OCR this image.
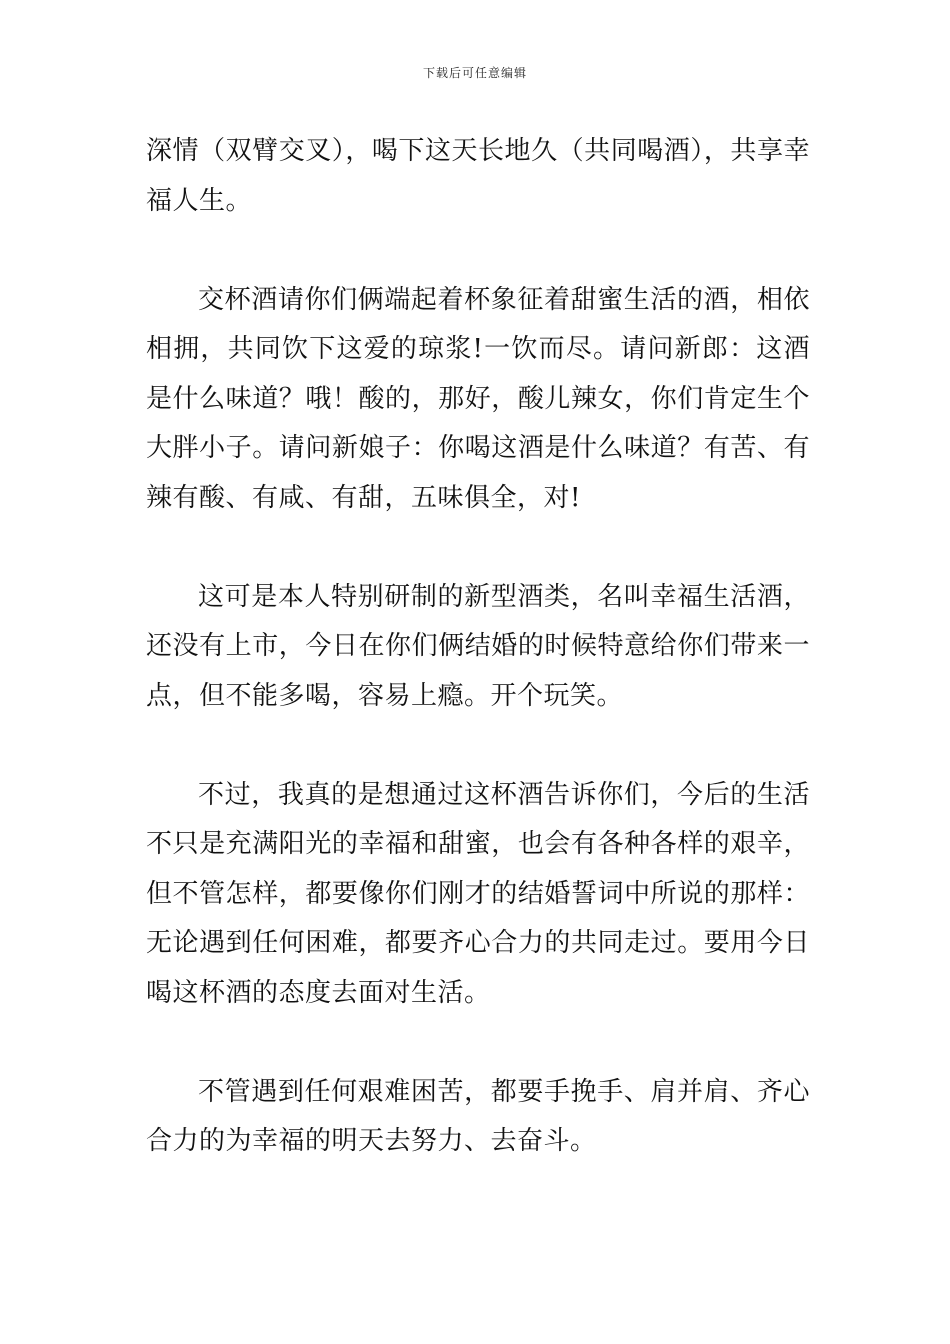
下载后可任意编辑

深情（双臂交叉），喝下这天长地久（共同喝酒），共享幸福人生。

交杯酒请你们俩端起着杯象征着甜蜜生活的酒，相依相拥，共同饮下这爱的琼浆!一饮而尽。请问新郎：这酒是什么味道？哦！酸的，那好，酸儿辣女，你们肯定生个大胖小子。请问新娘子：你喝这酒是什么味道？有苦、有辣有酸、有咸、有甜，五味俱全，对!

这可是本人特别研制的新型酒类，名叫幸福生活酒，还没有上市，今日在你们俩结婚的时候特意给你们带来一点，但不能多喝，容易上瘾。开个玩笑。

不过，我真的是想通过这杯酒告诉你们，今后的生活不只是充满阳光的幸福和甜蜜，也会有各种各样的艰辛，但不管怎样，都要像你们刚才的结婚誓词中所说的那样：无论遇到任何困难，都要齐心合力的共同走过。要用今日喝这杯酒的态度去面对生活。

不管遇到任何艰难困苦，都要手挽手、肩并肩、齐心合力的为幸福的明天去努力、去奋斗。
